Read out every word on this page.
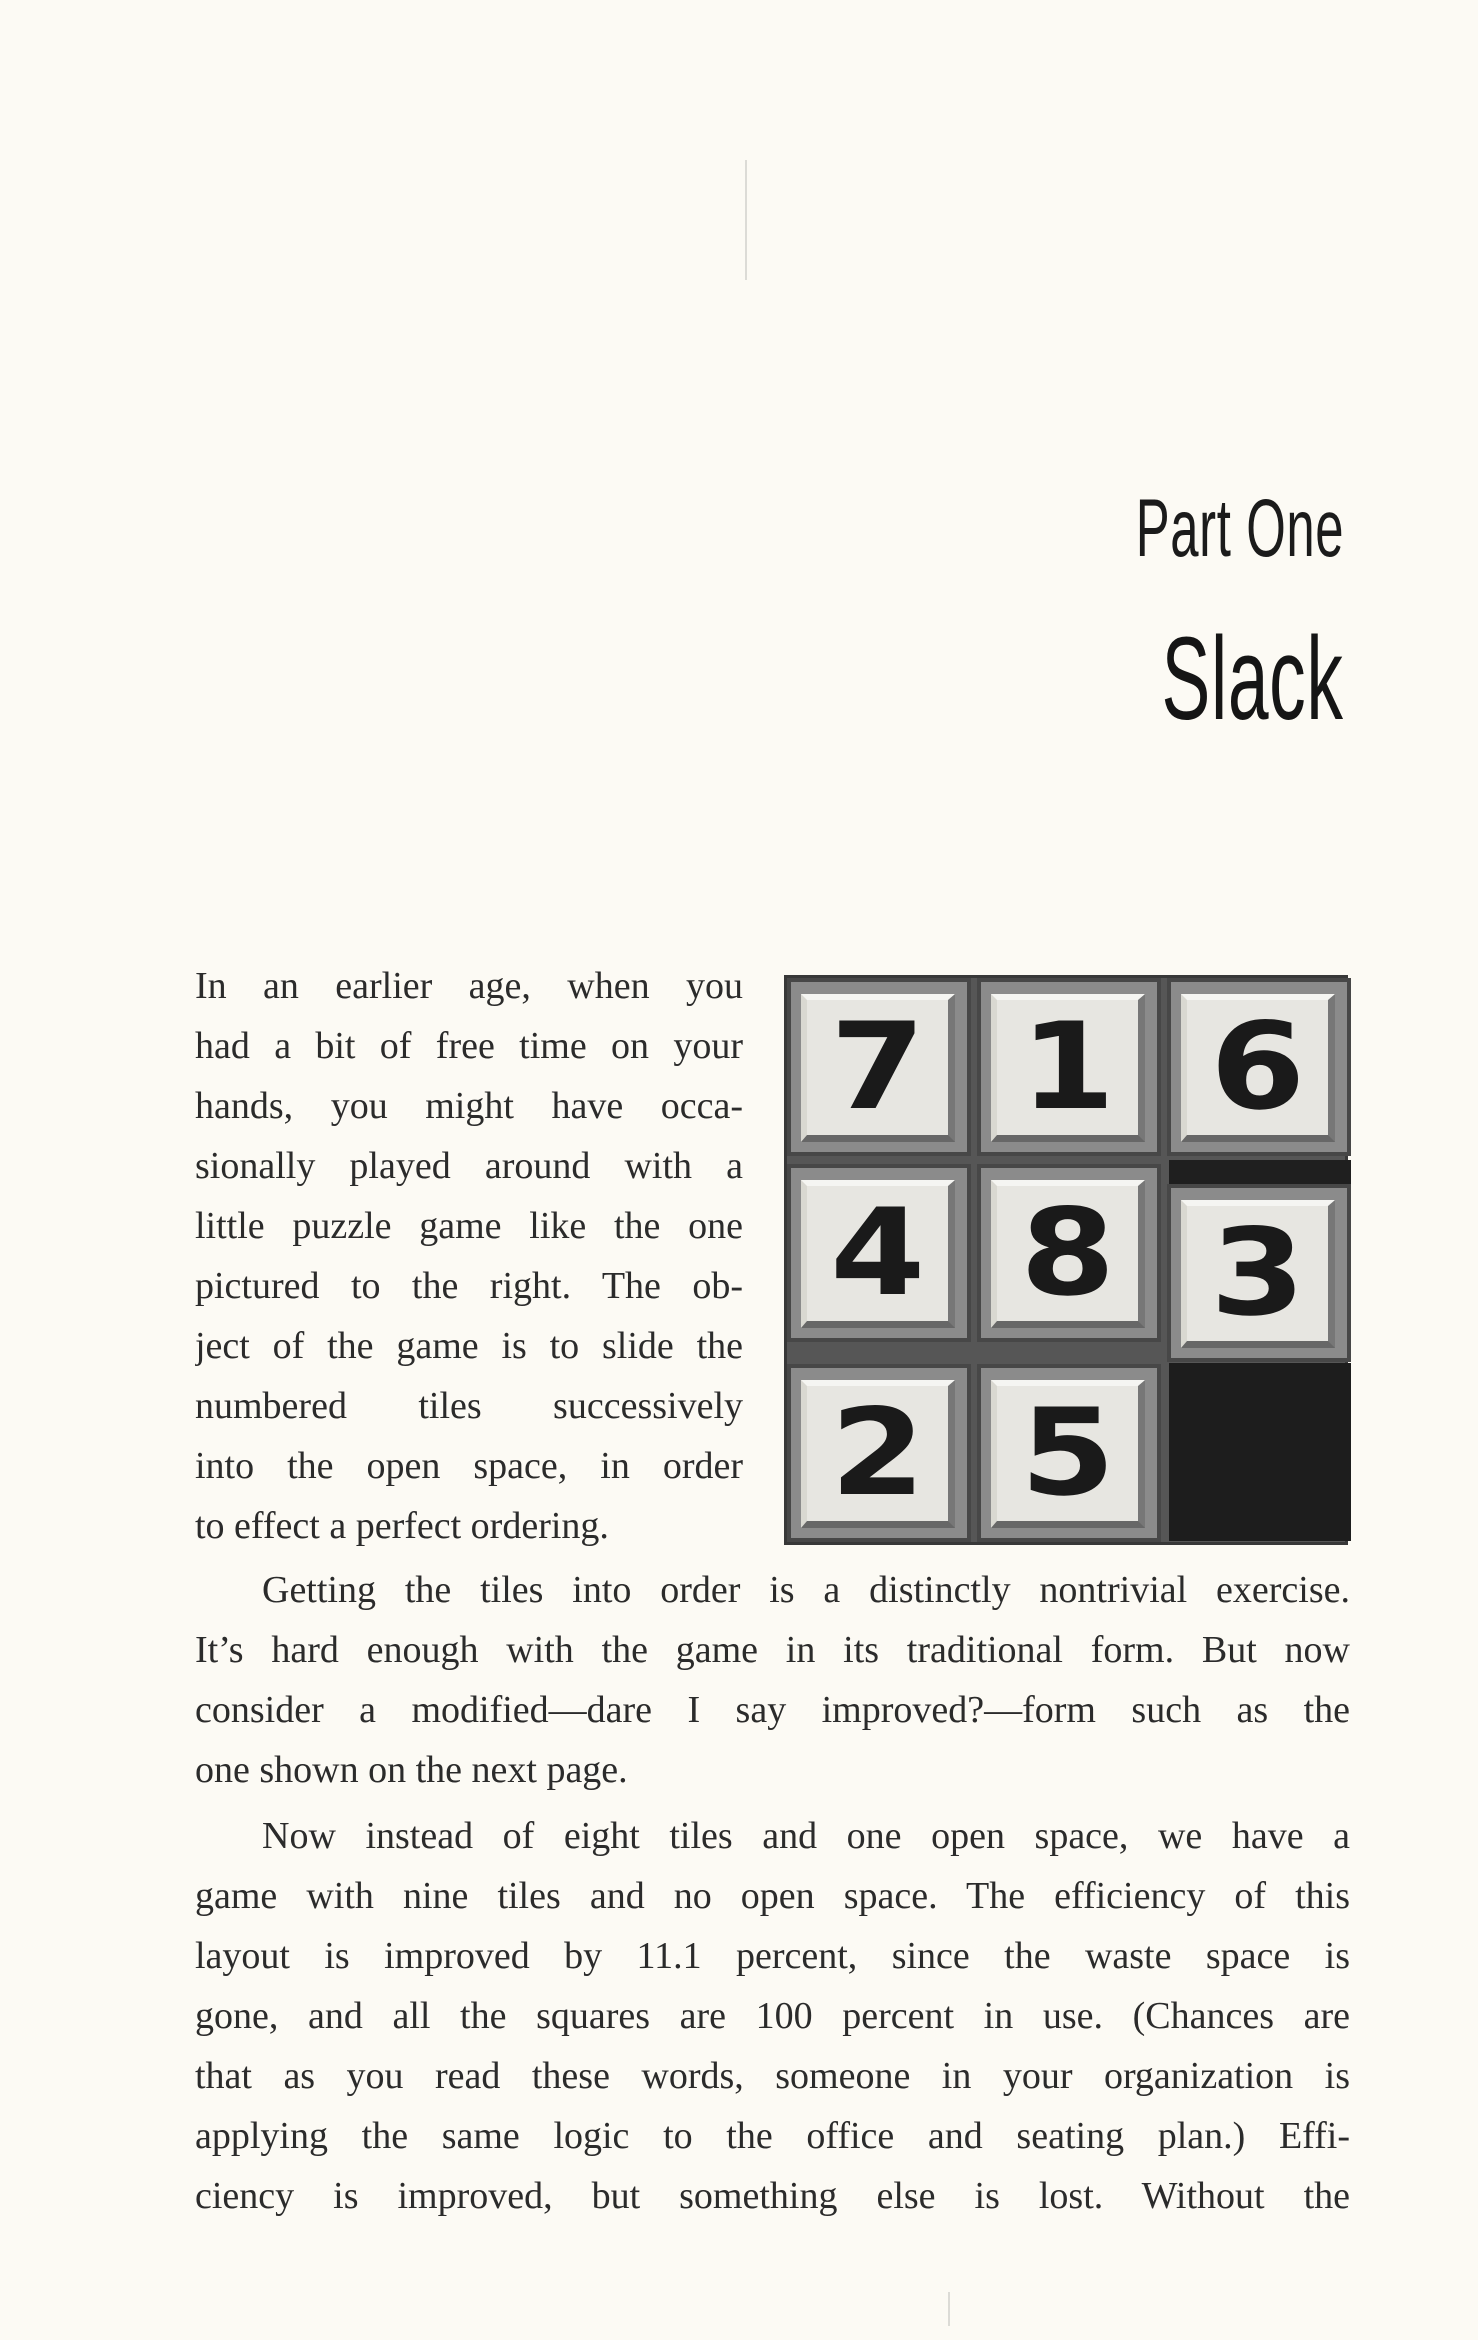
Part One
Slack
7 1 6
4 8 3
2 5
In an earlier age, when you
had a bit of free time on your
hands, you might have occa-
sionally played around with a
little puzzle game like the one
pictured to the right. The ob-
ject of the game is to slide the
numbered tiles successively
into the open space, in order
to effect a perfect ordering.
Getting the tiles into order is a distinctly nontrivial exercise.
It’s hard enough with the game in its traditional form. But now
consider a modified—dare I say improved?—form such as the
one shown on the next page.
Now instead of eight tiles and one open space, we have a
game with nine tiles and no open space. The efficiency of this
layout is improved by 11.1 percent, since the waste space is
gone, and all the squares are 100 percent in use. (Chances are
that as you read these words, someone in your organization is
applying the same logic to the office and seating plan.) Effi-
ciency is improved, but something else is lost. Without the
